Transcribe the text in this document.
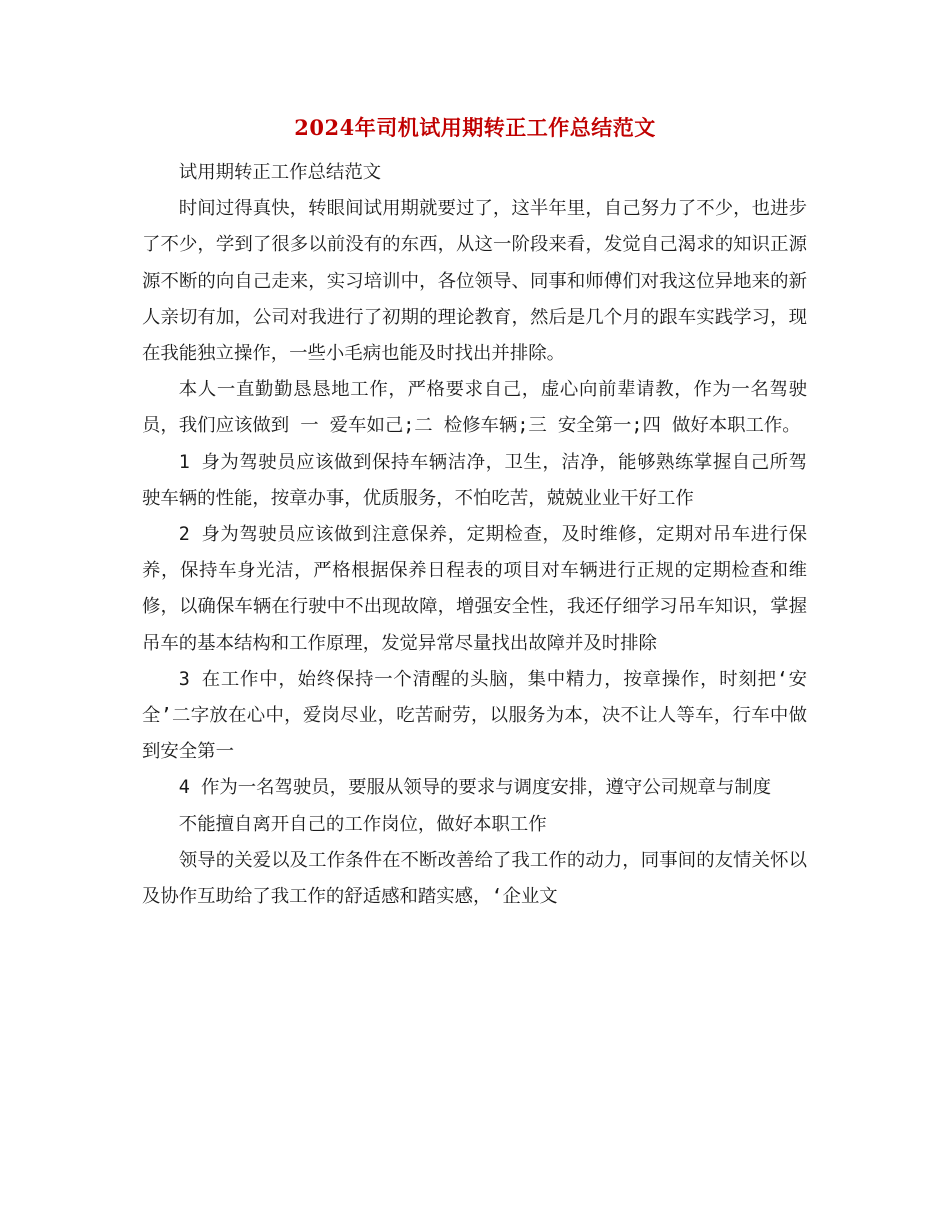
2024年司机试用期转正工作总结范文

试用期转正工作总结范文

时间过得真快，转眼间试用期就要过了，这半年里，自己努力了不少，也进步了不少，学到了很多以前没有的东西，从这一阶段来看，发觉自己渴求的知识正源源不断的向自己走来，实习培训中，各位领导、同事和师傅们对我这位异地来的新人亲切有加，公司对我进行了初期的理论教育，然后是几个月的跟车实践学习，现在我能独立操作，一些小毛病也能及时找出并排除。

本人一直勤勤恳恳地工作，严格要求自己，虚心向前辈请教，作为一名驾驶员，我们应该做到 一 爱车如己;二 检修车辆;三 安全第一;四 做好本职工作。

1 身为驾驶员应该做到保持车辆洁净，卫生，洁净，能够熟练掌握自己所驾驶车辆的性能，按章办事，优质服务，不怕吃苦，兢兢业业干好工作

2 身为驾驶员应该做到注意保养，定期检查，及时维修，定期对吊车进行保养，保持车身光洁，严格根据保养日程表的项目对车辆进行正规的定期检查和维修，以确保车辆在行驶中不出现故障，增强安全性，我还仔细学习吊车知识，掌握吊车的基本结构和工作原理，发觉异常尽量找出故障并及时排除

3 在工作中，始终保持一个清醒的头脑，集中精力，按章操作，时刻把‘安全’二字放在心中，爱岗尽业，吃苦耐劳，以服务为本，决不让人等车，行车中做到安全第一

4 作为一名驾驶员，要服从领导的要求与调度安排，遵守公司规章与制度

不能擅自离开自己的工作岗位，做好本职工作

领导的关爱以及工作条件在不断改善给了我工作的动力，同事间的友情关怀以及协作互助给了我工作的舒适感和踏实感，‘企业文
